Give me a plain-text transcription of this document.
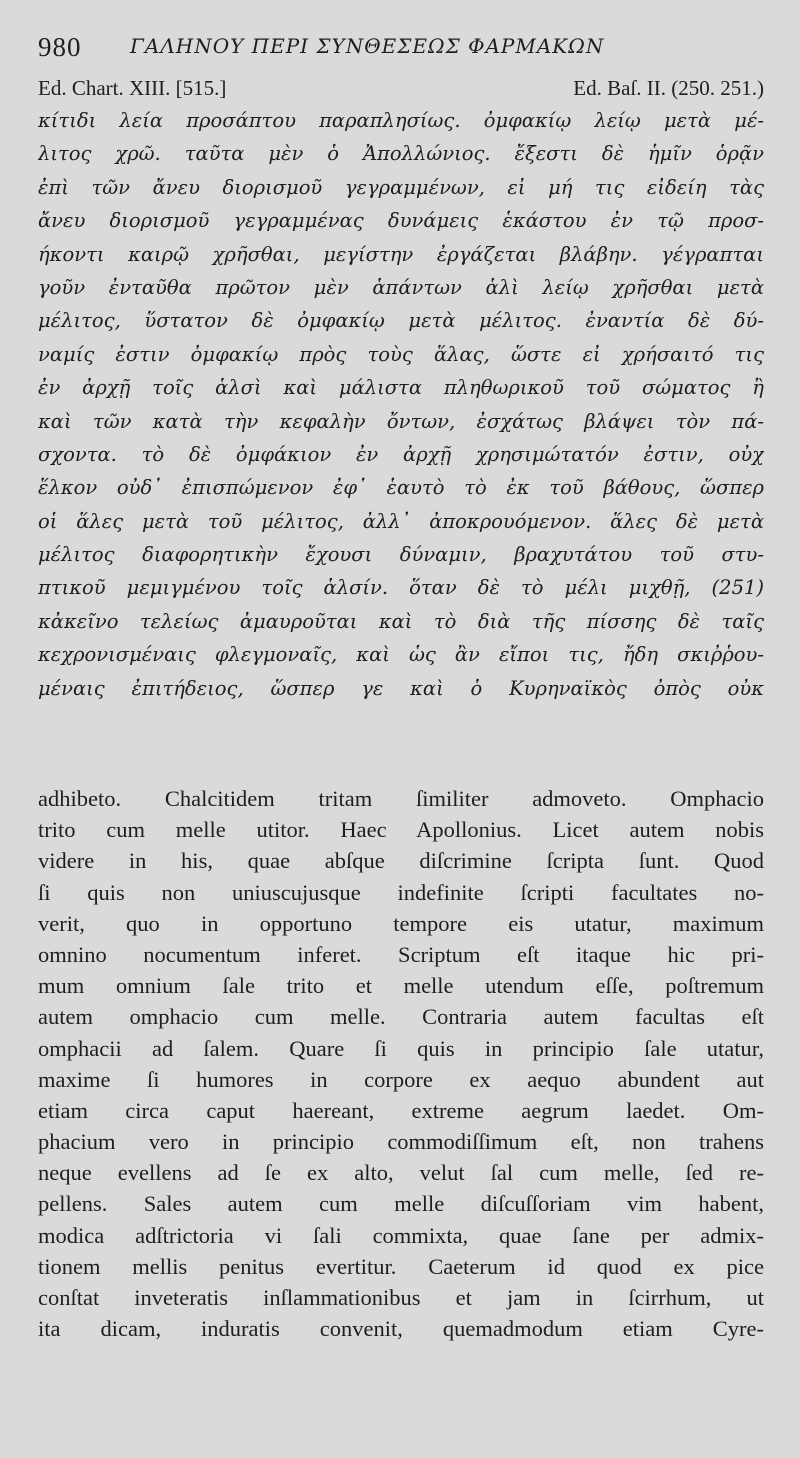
980 ΓΑΛΗΝΟΥ ΠΕΡΙ ΣΥΝΘΕΣΕΩΣ ΦΑΡΜΑΚΩΝ
Ed. Chart. XIII. [515.]	Ed. Baſ. II. (250. 251.)
κίτιδι λεία προσάπτου παραπλησίως. ὀμφακίῳ λείῳ μετὰ μέ-
λιτος χρῶ. ταῦτα μὲν ὁ Ἀπολλώνιος. ἔξεστι δὲ ἡμῖν ὁρᾷν
ἐπὶ τῶν ἄνευ διορισμοῦ γεγραμμένων, εἰ μή τις εἰδείη τὰς
ἄνευ διορισμοῦ γεγραμμένας δυνάμεις ἑκάστου ἐν τῷ προσ-
ήκοντι καιρῷ χρῆσθαι, μεγίστην ἐργάζεται βλάβην. γέγραπται
γοῦν ἐνταῦθα πρῶτον μὲν ἁπάντων ἁλὶ λείῳ χρῆσθαι μετὰ
μέλιτος, ὕστατον δὲ ὀμφακίῳ μετὰ μέλιτος. ἐναντία δὲ δύ-
ναμίς ἐστιν ὀμφακίῳ πρὸς τοὺς ἅλας, ὥστε εἰ χρήσαιτό τις
ἐν ἀρχῇ τοῖς ἁλσὶ καὶ μάλιστα πληθωρικοῦ τοῦ σώματος ἢ
καὶ τῶν κατὰ τὴν κεφαλὴν ὄντων, ἐσχάτως βλάψει τὸν πά-
σχοντα. τὸ δὲ ὀμφάκιον ἐν ἀρχῇ χρησιμώτατόν ἐστιν, οὐχ
ἕλκον οὐδ᾽ ἐπισπώμενον ἐφ᾽ ἑαυτὸ τὸ ἐκ τοῦ βάθους, ὥσπερ
οἱ ἅλες μετὰ τοῦ μέλιτος, ἀλλ᾽ ἀποκρουόμενον. ἅλες δὲ μετὰ
μέλιτος διαφορητικὴν ἔχουσι δύναμιν, βραχυτάτου τοῦ στυ-
πτικοῦ μεμιγμένου τοῖς ἁλσίν. ὅταν δὲ τὸ μέλι μιχθῇ, (251)
κἀκεῖνο τελείως ἀμαυροῦται καὶ τὸ διὰ τῆς πίσσης δὲ ταῖς
κεχρονισμέναις φλεγμοναῖς, καὶ ὡς ἂν εἴποι τις, ἤδη σκιῤῥου-
μέναις ἐπιτήδειος, ὥσπερ γε καὶ ὁ Κυρηναϊκὸς ὀπὸς οὐκ
adhibeto. Chalcitidem tritam ſimiliter admoveto. Omphacio
trito cum melle utitor. Haec Apollonius. Licet autem nobis
videre in his, quae abſque diſcrimine ſcripta ſunt. Quod
ſi quis non uniuscujusque indefinite ſcripti facultates no-
verit, quo in opportuno tempore eis utatur, maximum
omnino nocumentum inferet. Scriptum eſt itaque hic pri-
mum omnium ſale trito et melle utendum eſſe, poſtremum
autem omphacio cum melle. Contraria autem facultas eſt
omphacii ad ſalem. Quare ſi quis in principio ſale utatur,
maxime ſi humores in corpore ex aequo abundent aut
etiam circa caput haereant, extreme aegrum laedet. Om-
phacium vero in principio commodiſſimum eſt, non trahens
neque evellens ad ſe ex alto, velut ſal cum melle, ſed re-
pellens. Sales autem cum melle diſcuſſoriam vim habent,
modica adſtrictoria vi ſali commixta, quae ſane per admix-
tionem mellis penitus evertitur. Caeterum id quod ex pice
conſtat inveteratis inſlammationibus et jam in ſcirrhum, ut
ita dicam, induratis convenit, quemadmodum etiam Cyre-
